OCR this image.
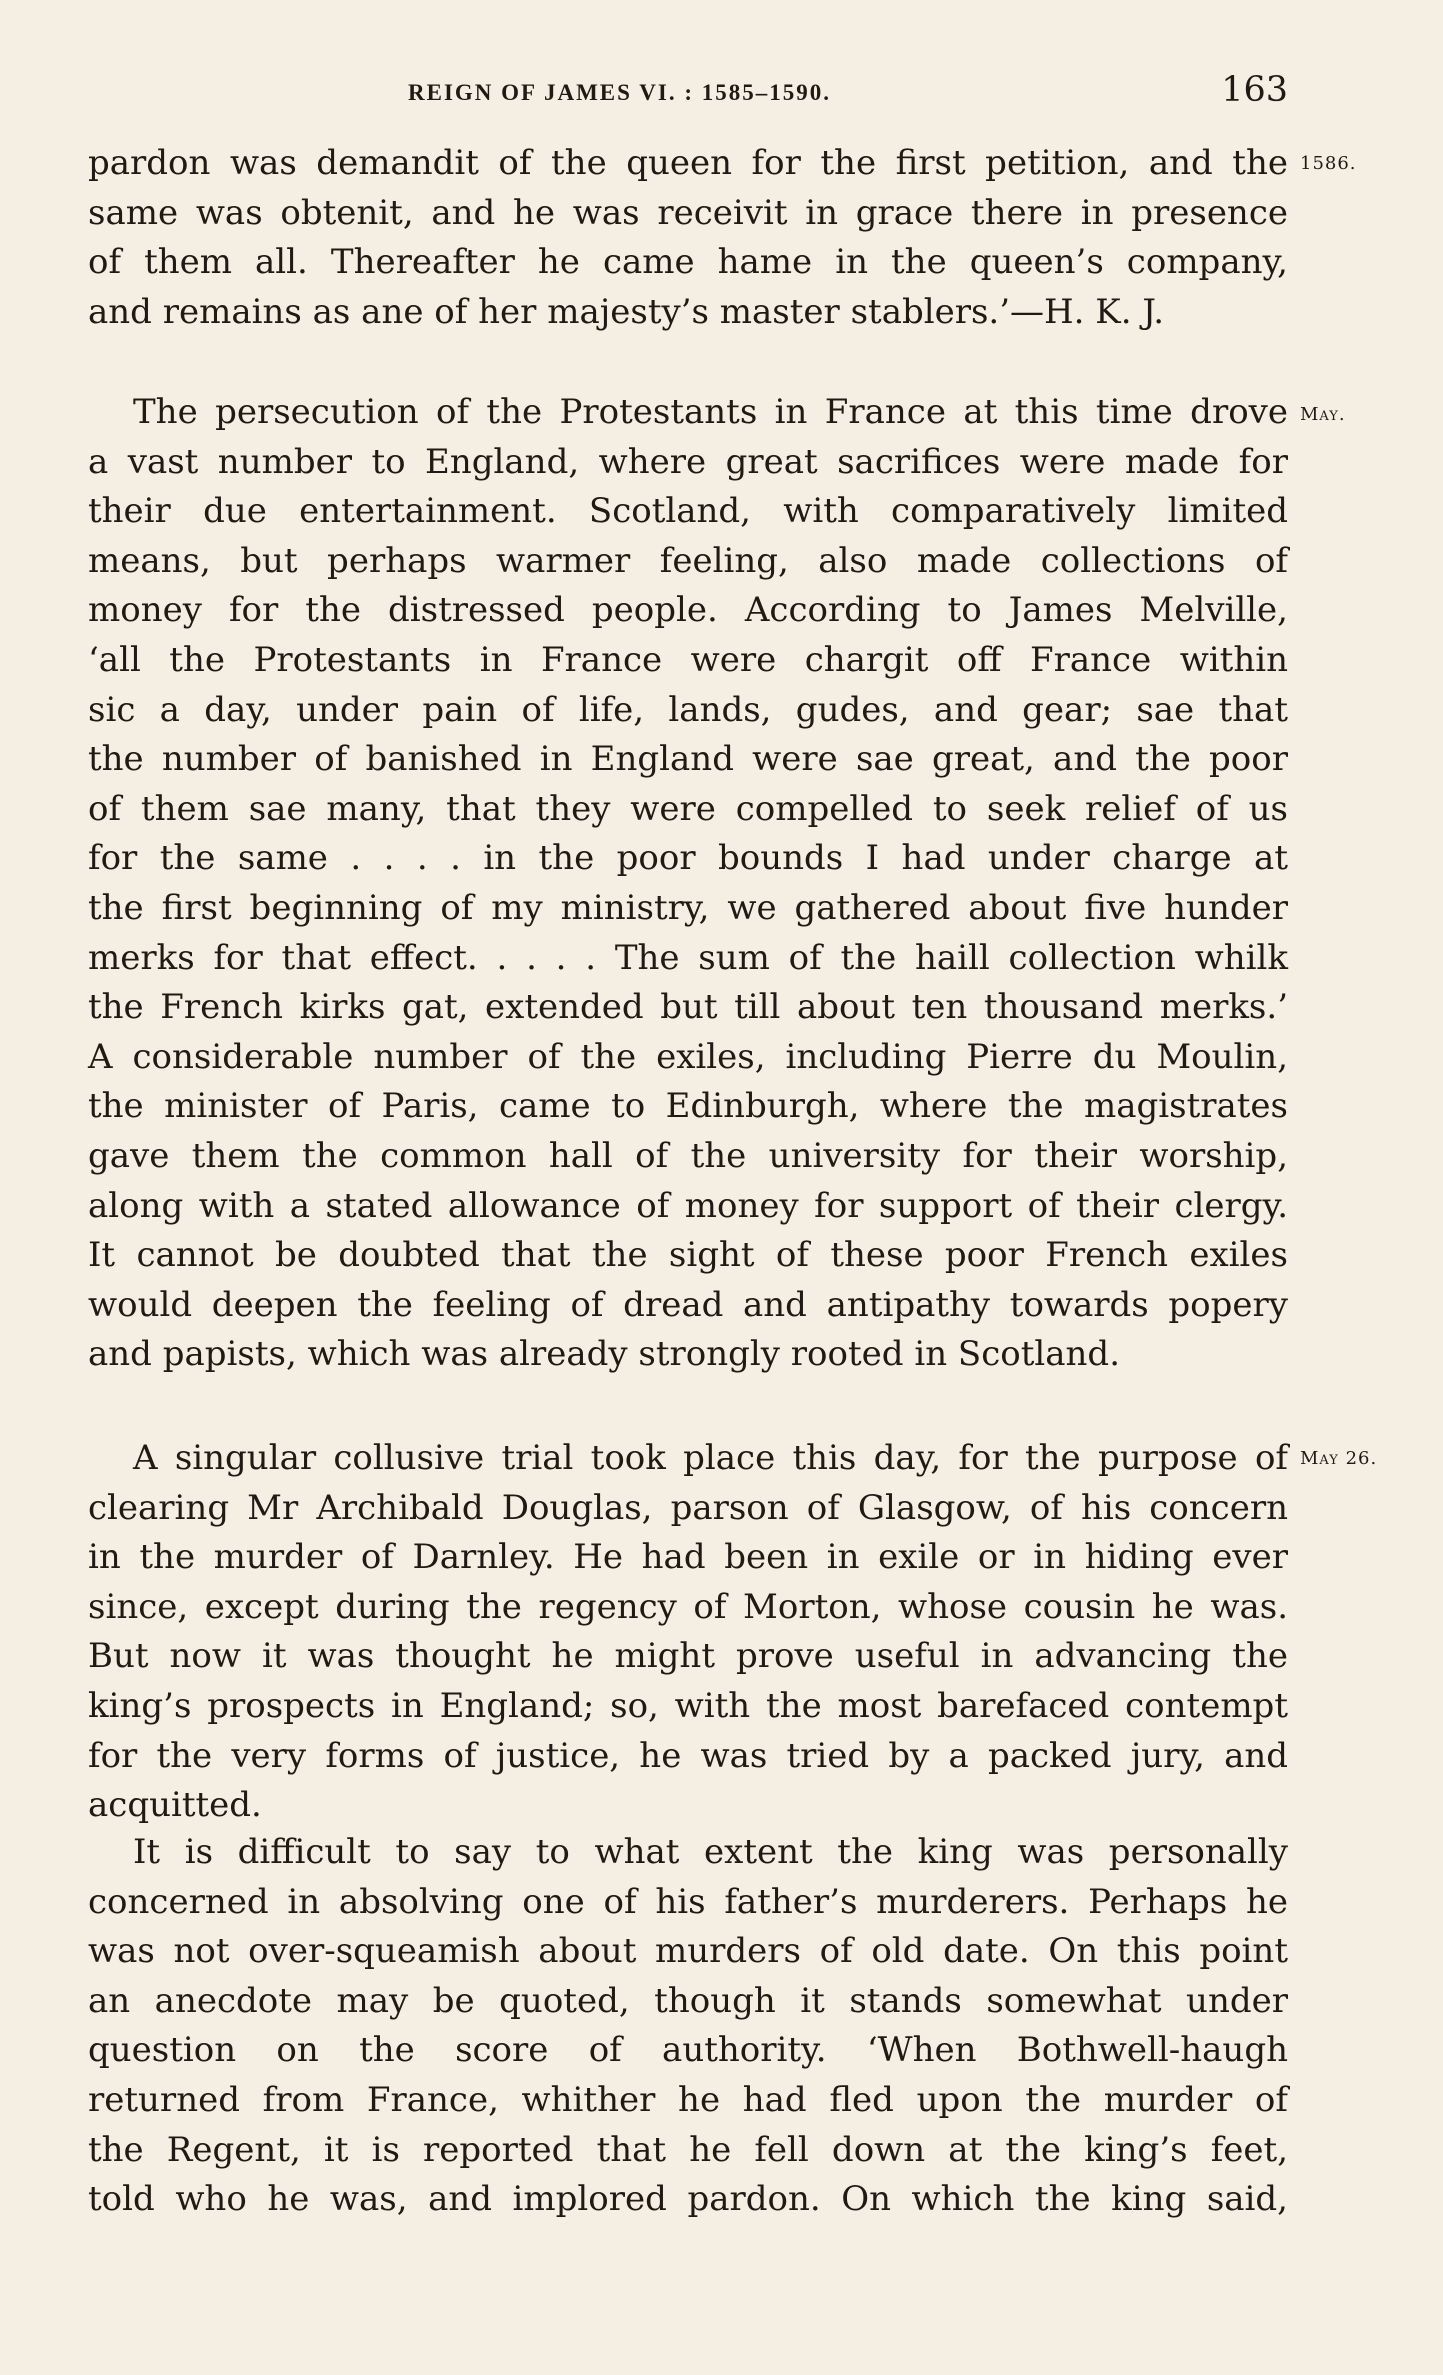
REIGN OF JAMES VI. : 1585–1590.	163
1586.
May.
May 26.
pardon was demandit of the queen for the first petition, and the
same was obtenit, and he was receivit in grace there in presence
of them all. Thereafter he came hame in the queen’s company,
and remains as ane of her majesty’s master stablers.’—H. K. J.
The persecution of the Protestants in France at this time drove
a vast number to England, where great sacrifices were made for
their due entertainment. Scotland, with comparatively limited
means, but perhaps warmer feeling, also made collections of
money for the distressed people. According to James Melville,
‘all the Protestants in France were chargit off France within
sic a day, under pain of life, lands, gudes, and gear; sae that
the number of banished in England were sae great, and the poor
of them sae many, that they were compelled to seek relief of us
for the same . . . . in the poor bounds I had under charge at
the first beginning of my ministry, we gathered about five hunder
merks for that effect. . . . . The sum of the haill collection whilk
the French kirks gat, extended but till about ten thousand merks.’
A considerable number of the exiles, including Pierre du Moulin,
the minister of Paris, came to Edinburgh, where the magistrates
gave them the common hall of the university for their worship,
along with a stated allowance of money for support of their clergy.
It cannot be doubted that the sight of these poor French exiles
would deepen the feeling of dread and antipathy towards popery
and papists, which was already strongly rooted in Scotland.
A singular collusive trial took place this day, for the purpose of
clearing Mr Archibald Douglas, parson of Glasgow, of his concern
in the murder of Darnley. He had been in exile or in hiding ever
since, except during the regency of Morton, whose cousin he was.
But now it was thought he might prove useful in advancing the
king’s prospects in England; so, with the most barefaced contempt
for the very forms of justice, he was tried by a packed jury, and
acquitted.
It is difficult to say to what extent the king was personally
concerned in absolving one of his father’s murderers. Perhaps he
was not over-squeamish about murders of old date. On this point
an anecdote may be quoted, though it stands somewhat under
question on the score of authority. ‘When Bothwell-haugh
returned from France, whither he had fled upon the murder of
the Regent, it is reported that he fell down at the king’s feet,
told who he was, and implored pardon. On which the king said,
